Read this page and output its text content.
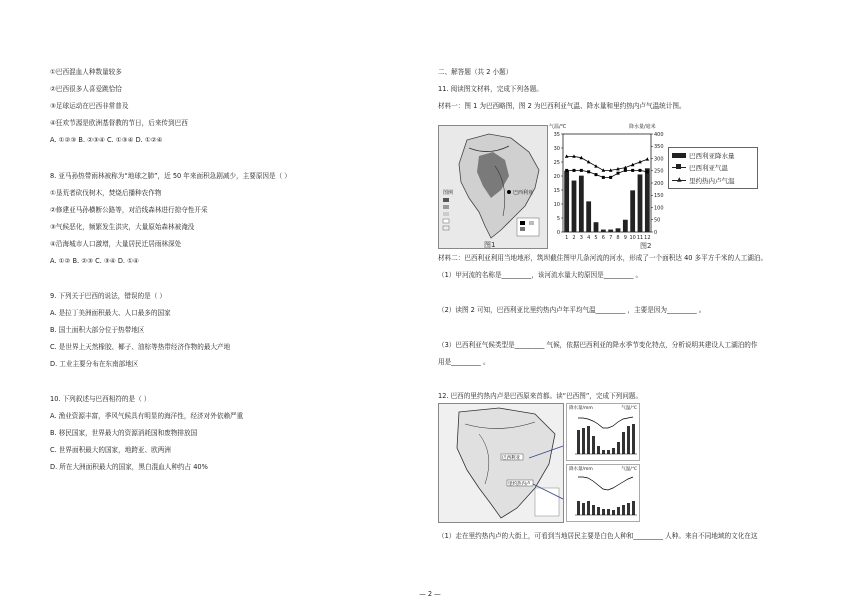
①巴西混血人种数量较多
②巴西很多人喜爱跳恰恰
③足球运动在巴西非常普及
④狂欢节源是欧洲基督教的节日，后来传到巴西
A. ①②③ B. ②③④ C. ①③④ D. ①②④
8. 亚马孙热带雨林被称为“地球之肺”，近 50 年来面积急剧减少，主要原因是（ ）
①垦荒者砍伐树木，焚烧后播种农作物
②修建亚马孙横断公路等，对沿线森林进行掠夺性开采
③气候恶化，频繁发生洪灾，大量原始森林被淹没
④沿海城市人口激增，大量居民迁居雨林深处
A. ①② B. ②③ C. ③④ D. ①④
9. 下列关于巴西的说法，错误的是（ ）
A. 是拉丁美洲面积最大、人口最多的国家
B. 国土面积大部分位于热带地区
C. 是世界上天然橡胶、椰子、油棕等热带经济作物的最大产地
D. 工业主要分布在东南部地区
10. 下列叙述与巴西相符的是（ ）
A. 渔业资源丰富，季风气候具有明显的海洋性，经济对外依赖严重
B. 移民国家，世界最大的资源消耗国和废物排放国
C. 世界面积最大的国家，地跨亚、欧两洲
D. 所在大洲面积最大的国家，黑白混血人种约占 40%
二、解答题（共 2 小题）
11. 阅读图文材料，完成下列各题。
材料一：图 1 为巴西略图，图 2 为巴西利亚气温、降水量和里约热内卢气温统计图。
材料二：巴西利亚利用当地地形，筑坝截住图甲几条河流的河水，形成了一个面积达 40 多平方千米的人工湖泊。
（1）甲河流的名称是_________，该河流水量大的原因是_________ 。
（2）读图 2 可知，巴西利亚比里约热内卢年平均气温_________ ，主要是因为_________ 。
（3）巴西利亚气候类型是_________ 气候，依据巴西利亚的降水季节变化特点，分析说明其建设人工湖泊的作
用是_________ 。
12. 巴西的里约热内卢是巴西原来首都。读“巴西图”，完成下列问题。
（1）走在里约热内卢的大街上，可看到当地居民主要是白色人种和_________ 人种。来自不同地域的文化在这
巴西利亚
图例
图1
气温/℃	降水量/毫米
35
30
25
20
15
10
5
0
400
350
300
250
200
150
100
50
0
1 2 3 4 5 6 7 8 9 10 11 12
图2
巴西利亚降水量
巴西利亚气温
▲ 里约热内卢气温
巴西利亚
里约热内卢
降水量/mm	气温/℃
降水量/mm	气温/℃
— 2 —
